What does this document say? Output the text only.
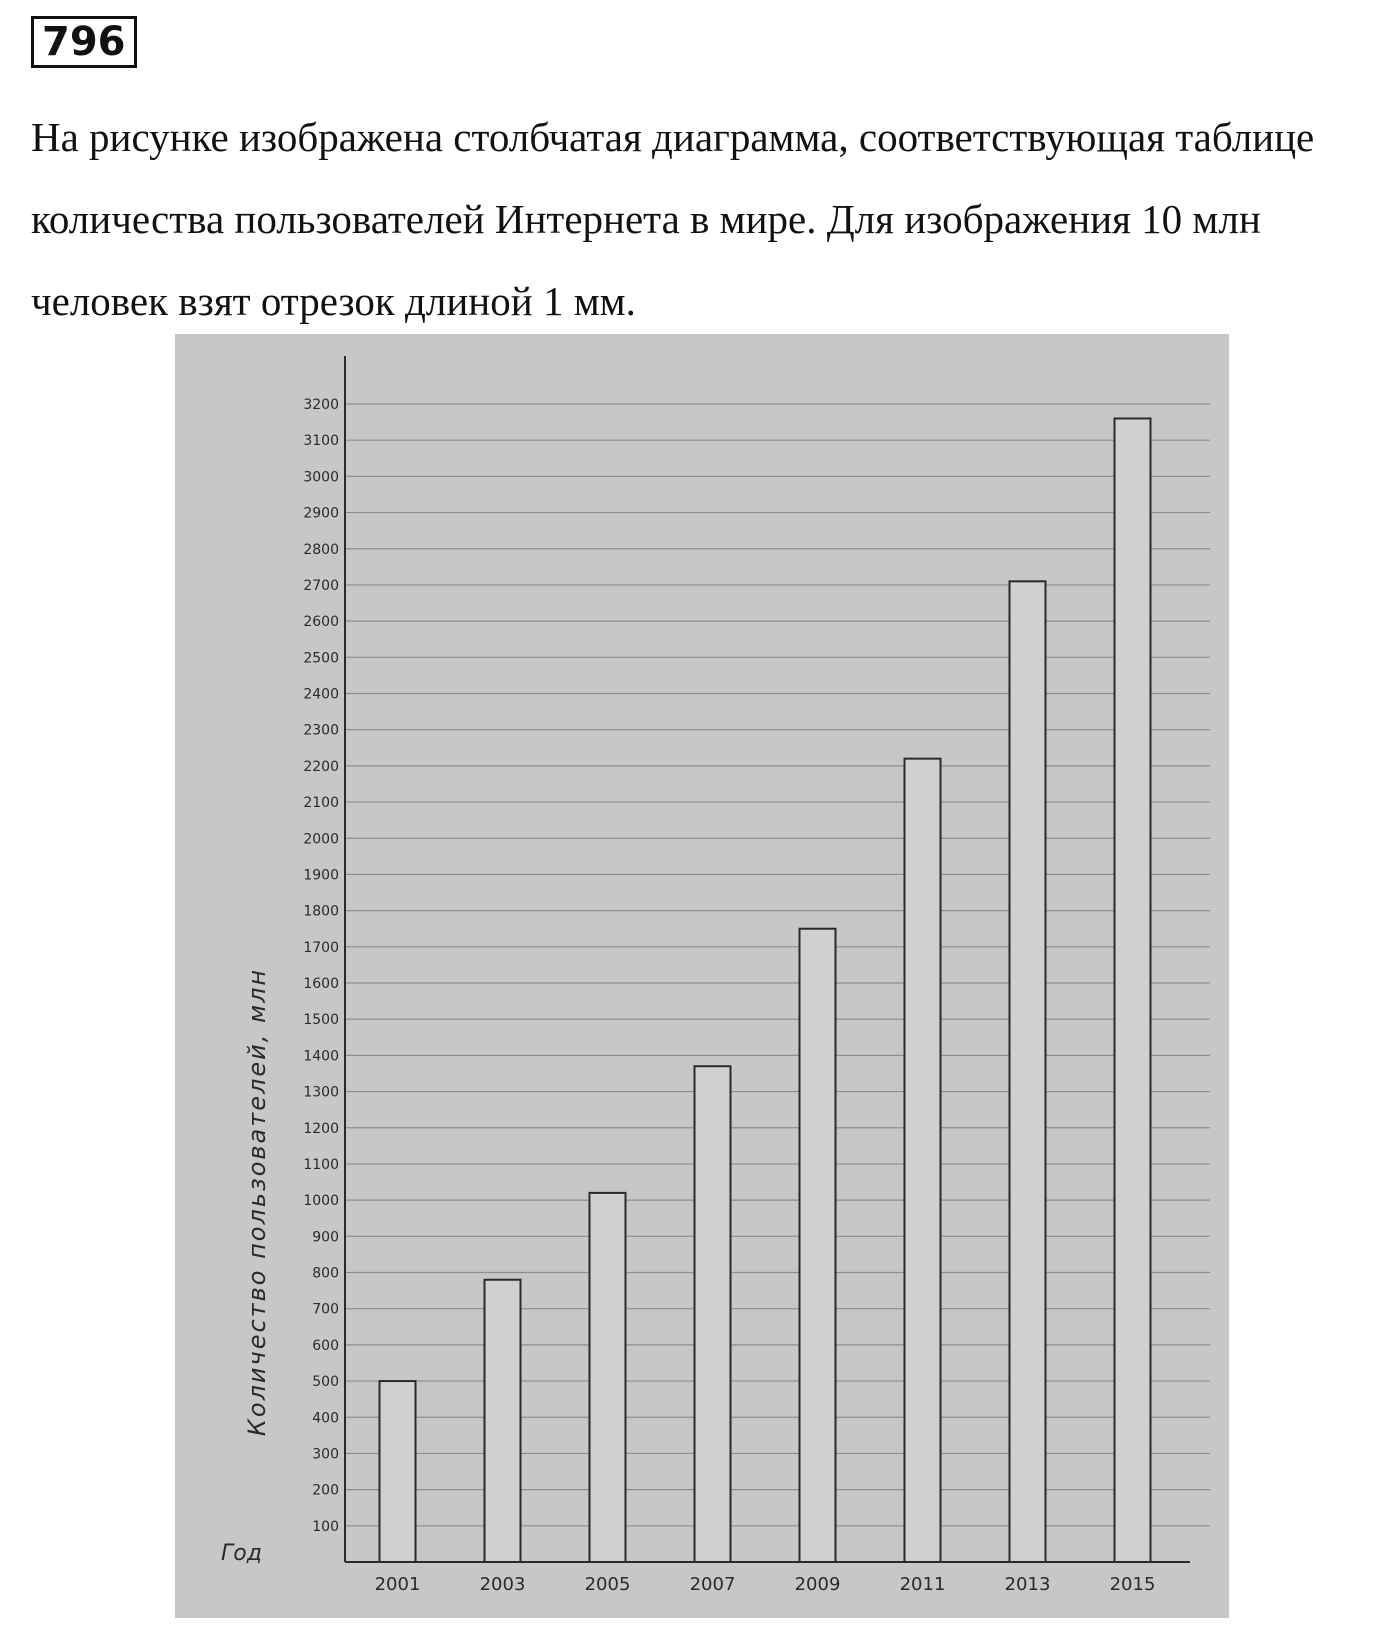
796

На рисунке изображена столбчатая диаграмма, соответствующая таблице количества пользователей Интернета в мире. Для изображения 10 млн человек взят отрезок длиной 1 мм.

100
200
300
400
500
600
700
800
900
1000
1100
1200
1300
1400
1500
1600
1700
1800
1900
2000
2100
2200
2300
2400
2500
2600
2700
2800
2900
3000
3100
3200
2001	2003	2005	2007	2009	2011	2013	2015
Количество пользователей, млн
Год
